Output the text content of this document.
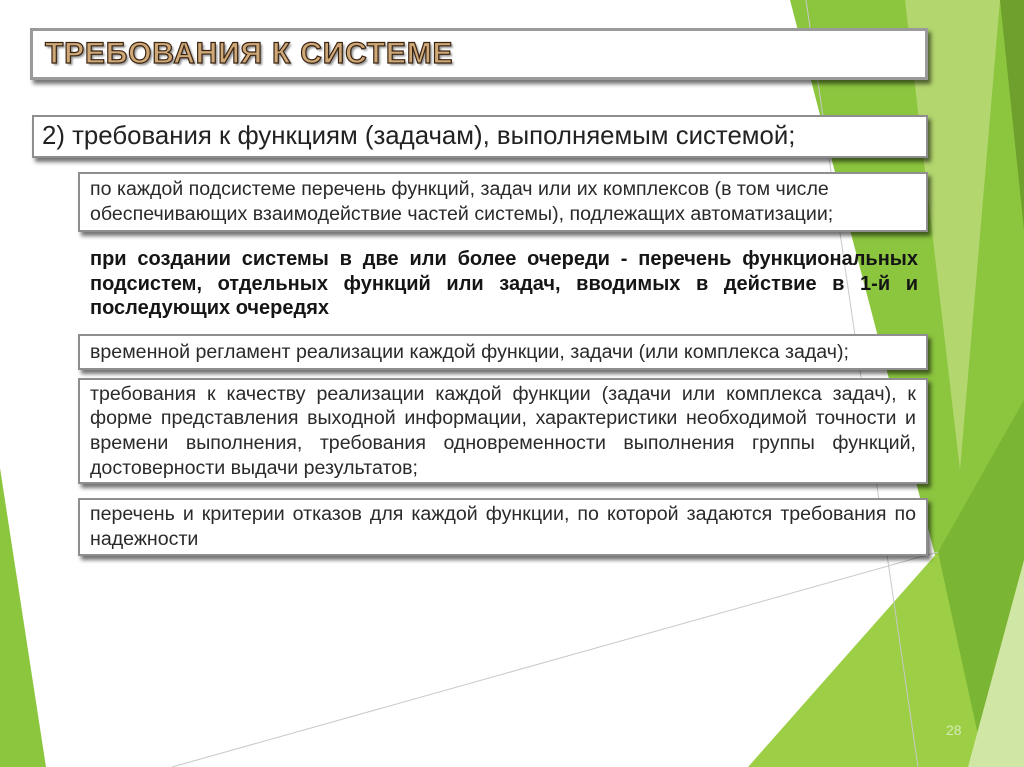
ТРЕБОВАНИЯ К СИСТЕМЕ
2) требования к функциям (задачам), выполняемым системой;

по каждой подсистеме перечень функций, задач или их комплексов (в том числе обеспечивающих взаимодействие частей системы), подлежащих автоматизации;

при создании системы в две или более очереди - перечень функциональных подсистем, отдельных функций или задач, вводимых в действие в 1-й и последующих очередях

временной регламент реализации каждой функции, задачи (или комплекса задач);

требования к качеству реализации каждой функции (задачи или комплекса задач), к форме представления выходной информации, характеристики необходимой точности и времени выполнения, требования одновременности выполнения группы функций, достоверности выдачи результатов;

перечень и критерии отказов для каждой функции, по которой задаются требования по надежности

28
